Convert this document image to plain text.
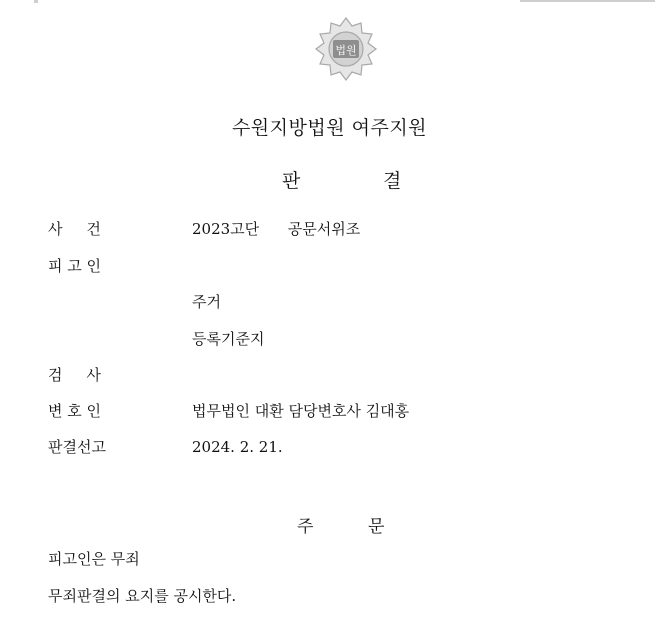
법원
수원지방법원 여주지원
판	결
사     건	2023고단      공문서위조
피 고 인
주거
등록기준지
검     사
변 호 인	법무법인 대환 담당변호사 김대홍
판결선고	2024. 2. 21.
주	문
피고인은 무죄
무죄판결의 요지를 공시한다.
